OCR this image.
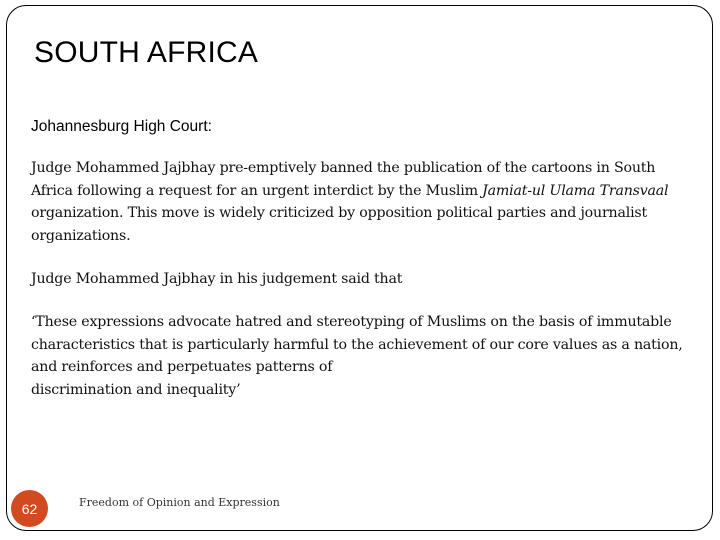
SOUTH AFRICA
Johannesburg High Court:
Judge Mohammed Jajbhay pre-emptively banned the publication of the cartoons in South
Africa following a request for an urgent interdict by the Muslim Jamiat-ul Ulama Transvaal
organization. This move is widely criticized by opposition political parties and journalist
organizations.
Judge Mohammed Jajbhay in his judgement said that
‘These expressions advocate hatred and stereotyping of Muslims on the basis of immutable
characteristics that is particularly harmful to the achievement of our core values as a nation,
and reinforces and perpetuates patterns of
discrimination and inequality’
62	Freedom of Opinion and Expression
